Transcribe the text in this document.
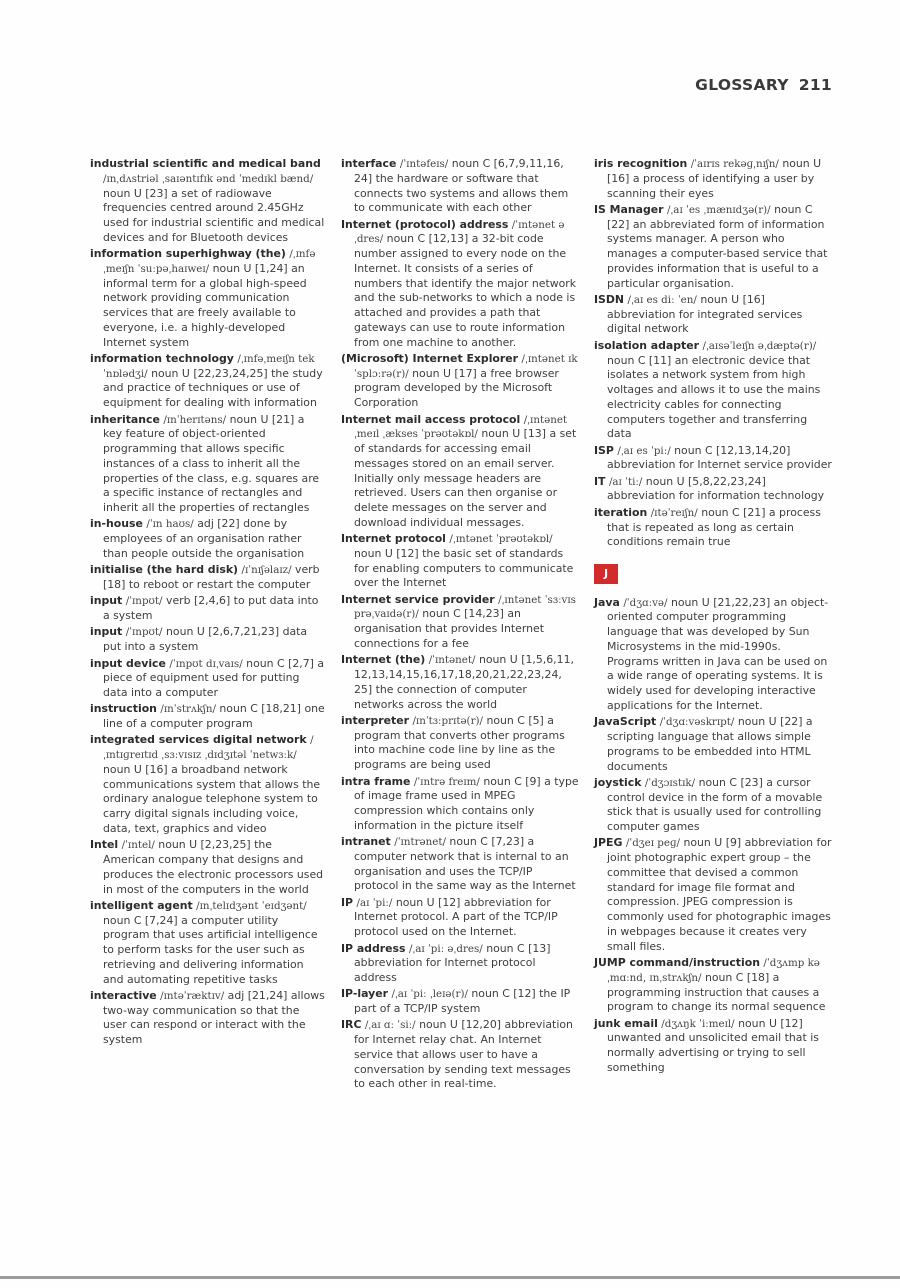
GLOSSARY 211

industrial scientific and medical band /ɪnˌdʌstriəl ˌsaɪəntɪfɪk ənd ˈmedɪkl bænd/ noun U [23] a set of radiowave frequencies centred around 2.45GHz used for industrial scientific and medical devices and for Bluetooth devices

information superhighway (the) /ˌɪnfəˌmeɪʃn ˈsuːpəˌhaɪweɪ/ noun U [1,24] an informal term for a global high-speed network providing communication services that are freely available to everyone, i.e. a highly-developed Internet system

information technology /ˌɪnfəˌmeɪʃn tekˈnɒlədʒi/ noun U [22,23,24,25] the study and practice of techniques or use of equipment for dealing with information

inheritance /ɪnˈherɪtəns/ noun U [21] a key feature of object-oriented programming that allows specific instances of a class to inherit all the properties of the class, e.g. squares are a specific instance of rectangles and inherit all the properties of rectangles

in-house /ˈɪn haʊs/ adj [22] done by employees of an organisation rather than people outside the organisation

initialise (the hard disk) /ɪˈnɪʃəlaɪz/ verb [18] to reboot or restart the computer

input /ˈɪnpʊt/ verb [2,4,6] to put data into a system

input /ˈɪnpʊt/ noun U [2,6,7,21,23] data put into a system

input device /ˈɪnpʊt dɪˌvaɪs/ noun C [2,7] a piece of equipment used for putting data into a computer

instruction /ɪnˈstrʌkʃn/ noun C [18,21] one line of a computer program

integrated services digital network /ˌɪntɪɡreɪtɪd ˌsɜːvɪsɪz ˌdɪdʒɪtəl ˈnetwɜːk/ noun U [16] a broadband network communications system that allows the ordinary analogue telephone system to carry digital signals including voice, data, text, graphics and video

Intel /ˈɪntel/ noun U [2,23,25] the American company that designs and produces the electronic processors used in most of the computers in the world

intelligent agent /ɪnˌtelɪdʒənt ˈeɪdʒənt/ noun C [7,24] a computer utility program that uses artificial intelligence to perform tasks for the user such as retrieving and delivering information and automating repetitive tasks

interactive /ɪntəˈræktɪv/ adj [21,24] allows two-way communication so that the user can respond or interact with the system

interface /ˈɪntəfeɪs/ noun C [6,7,9,11,16, 24] the hardware or software that connects two systems and allows them to communicate with each other

Internet (protocol) address /ˈɪntənet əˌdres/ noun C [12,13] a 32-bit code number assigned to every node on the Internet. It consists of a series of numbers that identify the major network and the sub-networks to which a node is attached and provides a path that gateways can use to route information from one machine to another.

(Microsoft) Internet Explorer /ˌɪntənet ɪkˈsplɔːrə(r)/ noun U [17] a free browser program developed by the Microsoft Corporation

Internet mail access protocol /ˌɪntənet ˌmeɪl ˌækses ˈprəʊtəkɒl/ noun U [13] a set of standards for accessing email messages stored on an email server. Initially only message headers are retrieved. Users can then organise or delete messages on the server and download individual messages.

Internet protocol /ˌɪntənet ˈprəʊtəkɒl/ noun U [12] the basic set of standards for enabling computers to communicate over the Internet

Internet service provider /ˌɪntənet ˈsɜːvɪs prəˌvaɪdə(r)/ noun C [14,23] an organisation that provides Internet connections for a fee

Internet (the) /ˈɪntənet/ noun U [1,5,6,11, 12,13,14,15,16,17,18,20,21,22,23,24, 25] the connection of computer networks across the world

interpreter /ɪnˈtɜːprɪtə(r)/ noun C [5] a program that converts other programs into machine code line by line as the programs are being used

intra frame /ˈɪntrə freɪm/ noun C [9] a type of image frame used in MPEG compression which contains only information in the picture itself

intranet /ˈɪntrənet/ noun C [7,23] a computer network that is internal to an organisation and uses the TCP/IP protocol in the same way as the Internet

IP /aɪ ˈpiː/ noun U [12] abbreviation for Internet protocol. A part of the TCP/IP protocol used on the Internet.

IP address /ˌaɪ ˈpiː əˌdres/ noun C [13] abbreviation for Internet protocol address

IP-layer /ˌaɪ ˈpiː ˌleɪə(r)/ noun C [12] the IP part of a TCP/IP system

IRC /ˌaɪ ɑː ˈsiː/ noun U [12,20] abbreviation for Internet relay chat. An Internet service that allows user to have a conversation by sending text messages to each other in real-time.

iris recognition /ˈaɪrɪs rekəɡˌnɪʃn/ noun U [16] a process of identifying a user by scanning their eyes

IS Manager /ˌaɪ ˈes ˌmænɪdʒə(r)/ noun C [22] an abbreviated form of information systems manager. A person who manages a computer-based service that provides information that is useful to a particular organisation.

ISDN /ˌaɪ es diː ˈen/ noun U [16] abbreviation for integrated services digital network

isolation adapter /ˌaɪsəˈleɪʃn əˌdæptə(r)/ noun C [11] an electronic device that isolates a network system from high voltages and allows it to use the mains electricity cables for connecting computers together and transferring data

ISP /ˌaɪ es ˈpiː/ noun C [12,13,14,20] abbreviation for Internet service provider

IT /aɪ ˈtiː/ noun U [5,8,22,23,24] abbreviation for information technology

iteration /ɪtəˈreɪʃn/ noun C [21] a process that is repeated as long as certain conditions remain true

J

Java /ˈdʒɑːvə/ noun U [21,22,23] an object-oriented computer programming language that was developed by Sun Microsystems in the mid-1990s. Programs written in Java can be used on a wide range of operating systems. It is widely used for developing interactive applications for the Internet.

JavaScript /ˈdʒɑːvəskrɪpt/ noun U [22] a scripting language that allows simple programs to be embedded into HTML documents

joystick /ˈdʒɔɪstɪk/ noun C [23] a cursor control device in the form of a movable stick that is usually used for controlling computer games

JPEG /ˈdʒeɪ peɡ/ noun U [9] abbreviation for joint photographic expert group – the committee that devised a common standard for image file format and compression. JPEG compression is commonly used for photographic images in webpages because it creates very small files.

JUMP command/instruction /ˈdʒʌmp kəˌmɑːnd, ɪnˌstrʌkʃn/ noun C [18] a programming instruction that causes a program to change its normal sequence

junk email /dʒʌŋk ˈiːmeɪl/ noun U [12] unwanted and unsolicited email that is normally advertising or trying to sell something
